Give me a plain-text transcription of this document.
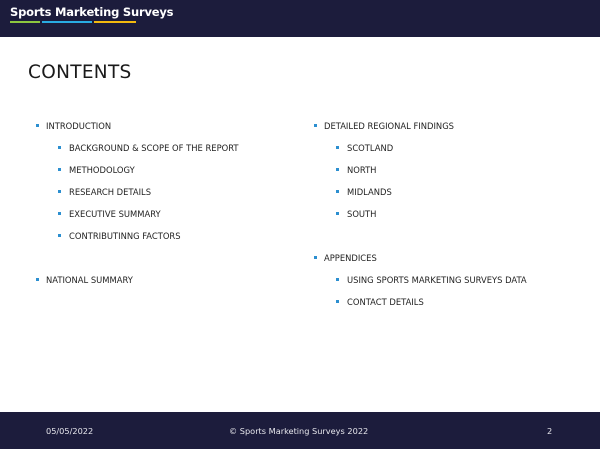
Sports Marketing Surveys
CONTENTS
INTRODUCTION
BACKGROUND & SCOPE OF THE REPORT
METHODOLOGY
RESEARCH DETAILS
EXECUTIVE SUMMARY
CONTRIBUTINNG FACTORS
NATIONAL SUMMARY
DETAILED REGIONAL FINDINGS
SCOTLAND
NORTH
MIDLANDS
SOUTH
APPENDICES
USING SPORTS MARKETING SURVEYS DATA
CONTACT DETAILS
05/05/2022	© Sports Marketing Surveys 2022	2
